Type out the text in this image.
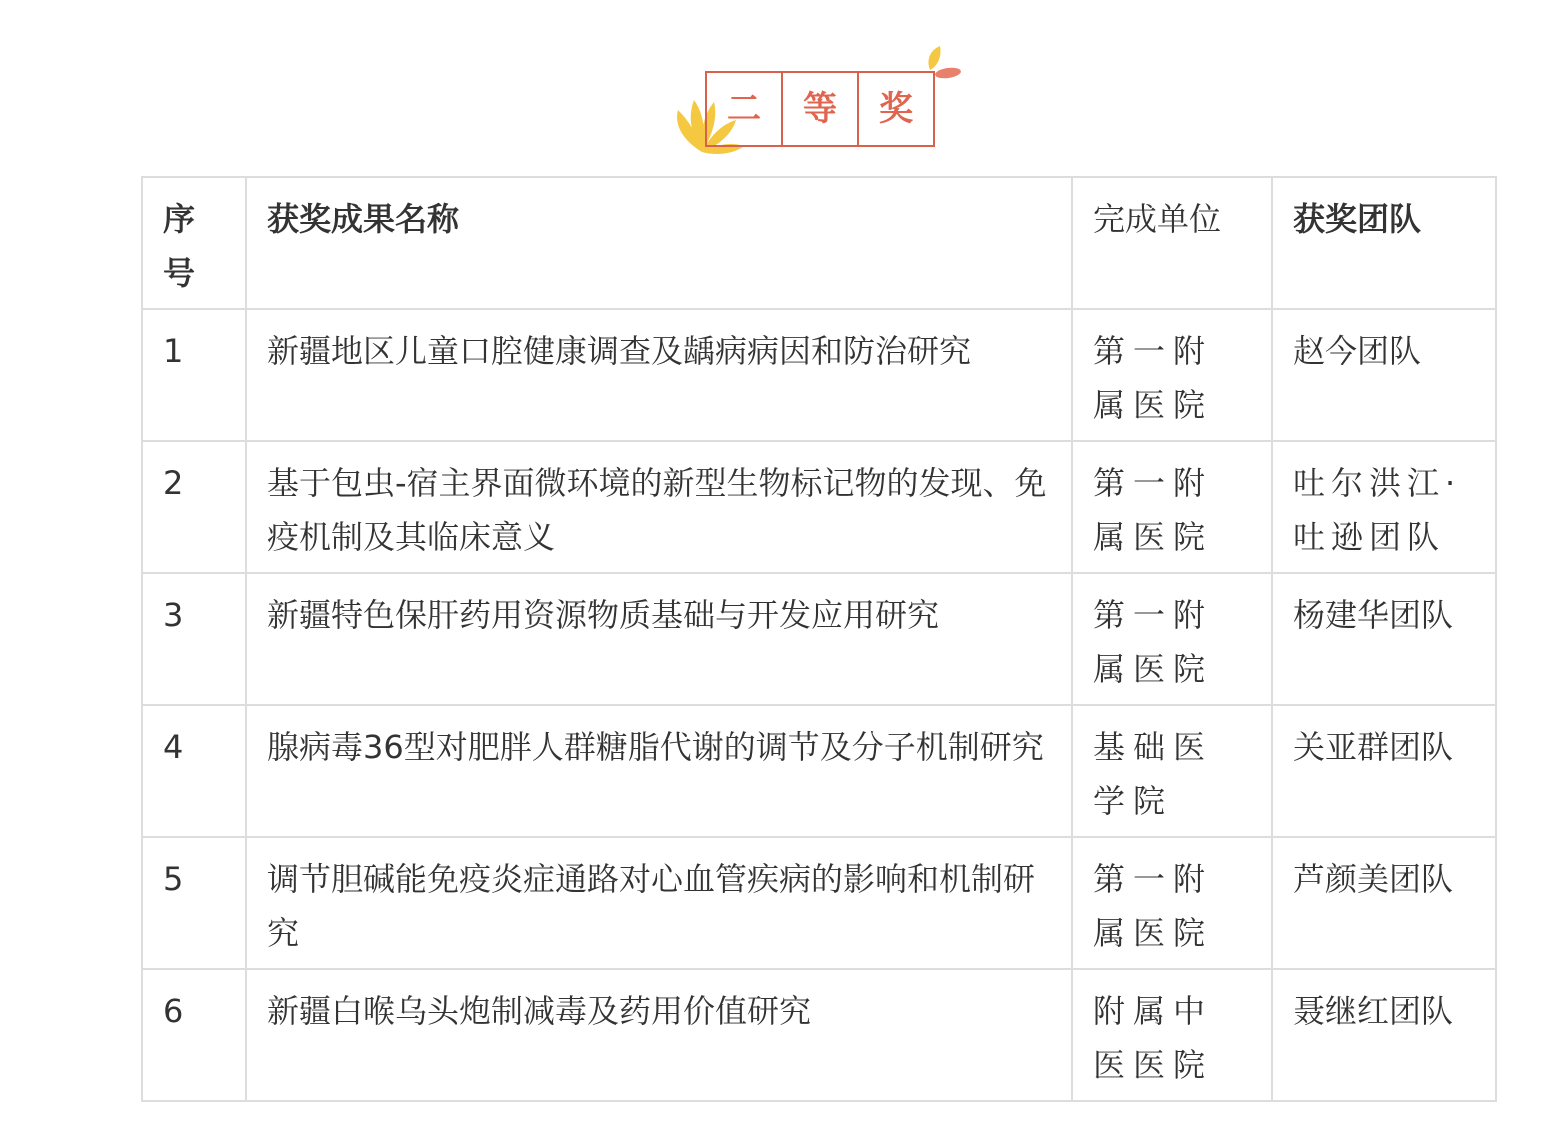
二	等	奖
序号	获奖成果名称	完成单位	获奖团队
1	新疆地区儿童口腔健康调查及龋病病因和防治研究	第一附属医院	赵今团队
2	基于包虫-宿主界面微环境的新型生物标记物的发现、免疫机制及其临床意义	第一附属医院	吐尔洪江·吐逊团队
3	新疆特色保肝药用资源物质基础与开发应用研究	第一附属医院	杨建华团队
4	腺病毒36型对肥胖人群糖脂代谢的调节及分子机制研究	基础医学院	关亚群团队
5	调节胆碱能免疫炎症通路对心血管疾病的影响和机制研究	第一附属医院	芦颜美团队
6	新疆白喉乌头炮制减毒及药用价值研究	附属中医医院	聂继红团队
